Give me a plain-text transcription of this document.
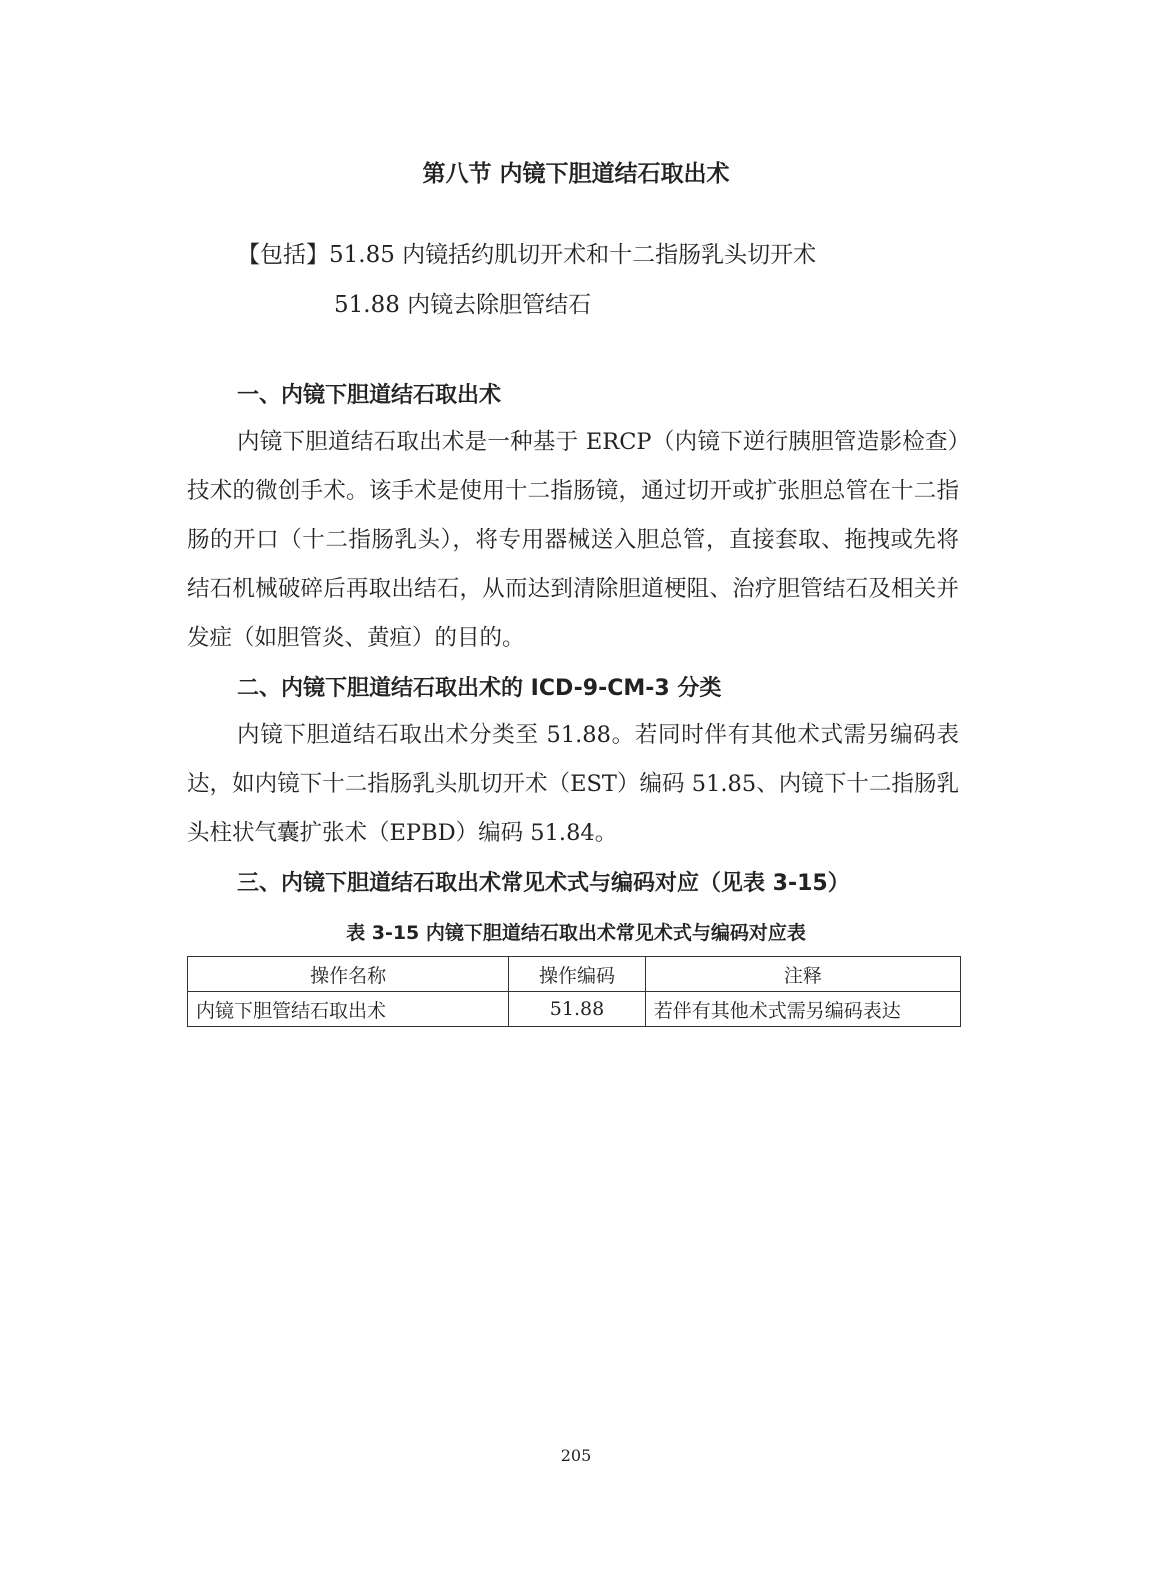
第八节 内镜下胆道结石取出术
【包括】51.85 内镜括约肌切开术和十二指肠乳头切开术
51.88 内镜去除胆管结石
一、内镜下胆道结石取出术
内镜下胆道结石取出术是一种基于 ERCP（内镜下逆行胰胆管造影检查）技术的微创手术。该手术是使用十二指肠镜，通过切开或扩张胆总管在十二指肠的开口（十二指肠乳头），将专用器械送入胆总管，直接套取、拖拽或先将结石机械破碎后再取出结石，从而达到清除胆道梗阻、治疗胆管结石及相关并发症（如胆管炎、黄疸）的目的。
二、内镜下胆道结石取出术的 ICD-9-CM-3 分类
内镜下胆道结石取出术分类至 51.88。若同时伴有其他术式需另编码表达，如内镜下十二指肠乳头肌切开术（EST）编码 51.85、内镜下十二指肠乳头柱状气囊扩张术（EPBD）编码 51.84。
三、内镜下胆道结石取出术常见术式与编码对应（见表 3-15）
表 3-15 内镜下胆道结石取出术常见术式与编码对应表
操作名称	操作编码	注释
内镜下胆管结石取出术	51.88	若伴有其他术式需另编码表达
205
